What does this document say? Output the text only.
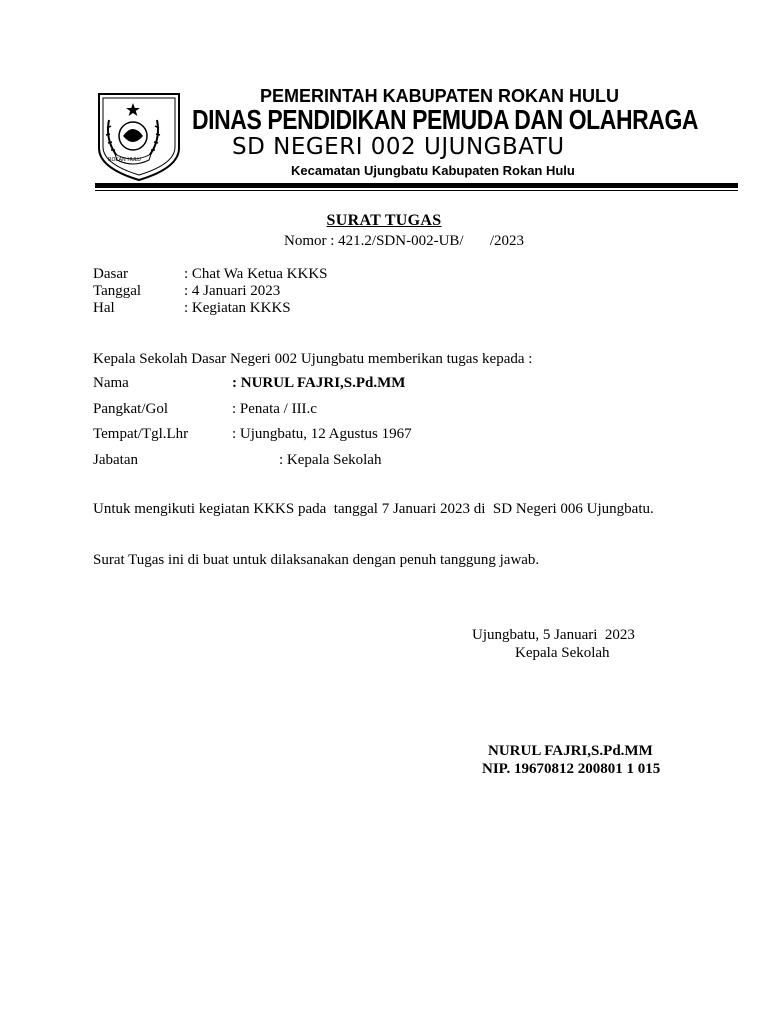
ROKAN HULU
PEMERINTAH KABUPATEN ROKAN HULU
DINAS PENDIDIKAN PEMUDA DAN OLAHRAGA
SD NEGERI 002 UJUNGBATU
Kecamatan Ujungbatu Kabupaten Rokan Hulu
SURAT TUGAS
Nomor : 421.2/SDN-002-UB/       /2023
Dasar	: Chat Wa Ketua KKKS
Tanggal	: 4 Januari 2023
Hal	: Kegiatan KKKS
Kepala Sekolah Dasar Negeri 002 Ujungbatu memberikan tugas kepada :
Nama	: NURUL FAJRI,S.Pd.MM
Pangkat/Gol	: Penata / III.c
Tempat/Tgl.Lhr	: Ujungbatu, 12 Agustus 1967
Jabatan	: Kepala Sekolah
Untuk mengikuti kegiatan KKKS pada  tanggal 7 Januari 2023 di  SD Negeri 006 Ujungbatu.
Surat Tugas ini di buat untuk dilaksanakan dengan penuh tanggung jawab.
Ujungbatu, 5 Januari  2023
Kepala Sekolah
NURUL FAJRI,S.Pd.MM
NIP. 19670812 200801 1 015
